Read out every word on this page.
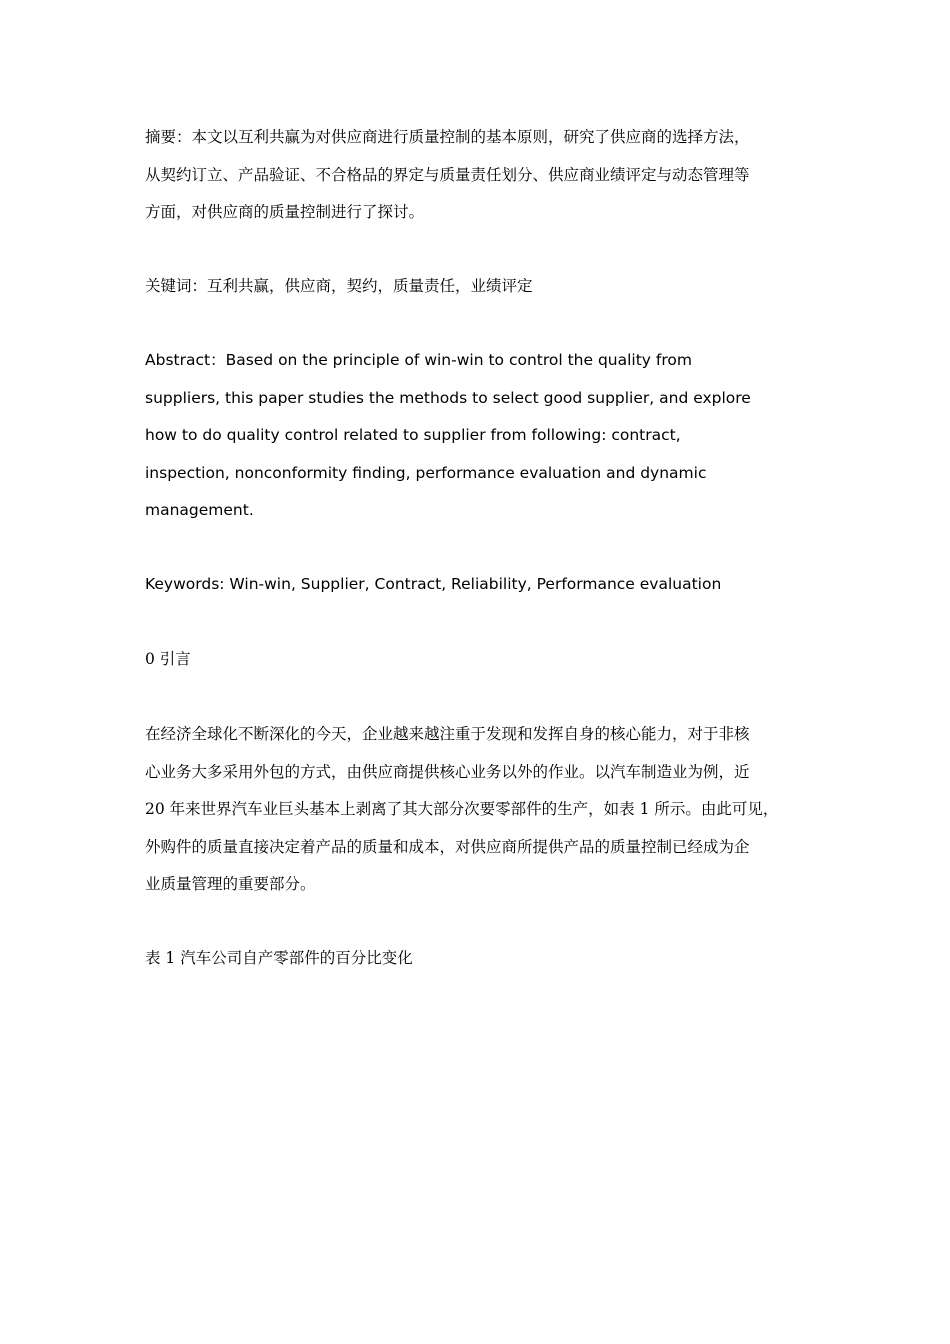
摘要：本文以互利共赢为对供应商进行质量控制的基本原则，研究了供应商的选择方法，
从契约订立、产品验证、不合格品的界定与质量责任划分、供应商业绩评定与动态管理等
方面，对供应商的质量控制进行了探讨。
关键词：互利共赢，供应商，契约，质量责任，业绩评定
Abstract：Based on the principle of win-win to control the quality from
suppliers, this paper studies the methods to select good supplier, and explore
how to do quality control related to supplier from following: contract,
inspection, nonconformity finding, performance evaluation and dynamic
management.
Keywords: Win-win, Supplier, Contract, Reliability, Performance evaluation
0 引言
在经济全球化不断深化的今天，企业越来越注重于发现和发挥自身的核心能力，对于非核
心业务大多采用外包的方式，由供应商提供核心业务以外的作业。以汽车制造业为例，近
20 年来世界汽车业巨头基本上剥离了其大部分次要零部件的生产，如表 1 所示。由此可见，
外购件的质量直接决定着产品的质量和成本，对供应商所提供产品的质量控制已经成为企
业质量管理的重要部分。
表 1 汽车公司自产零部件的百分比变化
